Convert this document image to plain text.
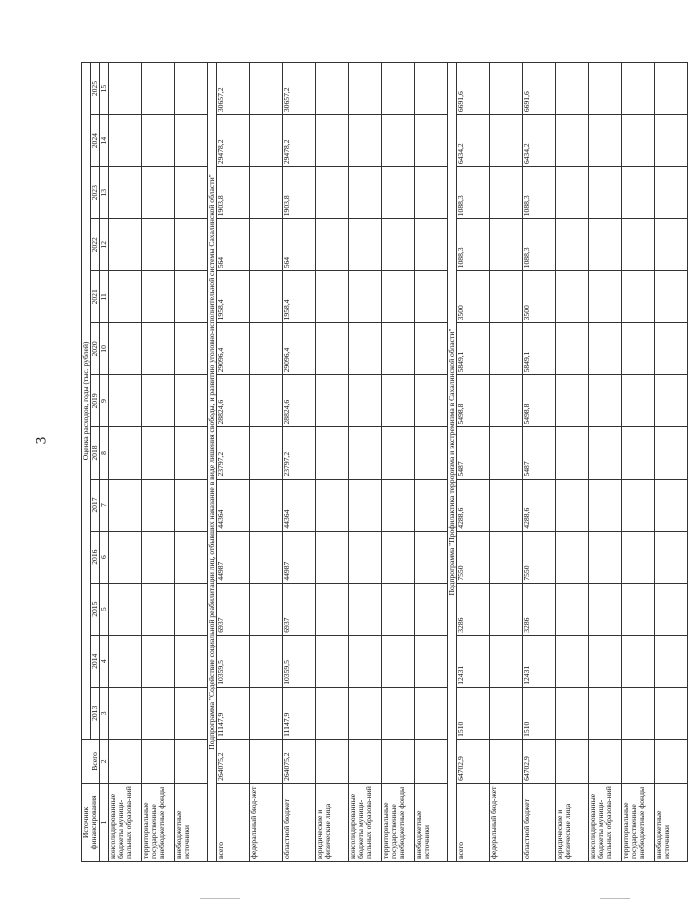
3
Источник финансирования	Всего	Оценка расходов, годы (тыс. рублей)												
		2013	2014	2015	2016	2017	2018	2019	2020	2021	2022	2023	2024	2025
1	2	3	4	5	6	7	8	9	10	11	12	13	14	15
консолидированные бюджеты муници-пальных образова-ний														
территориальные государственные внебюджетные фонды														
внебюджетные источники														
Подпрограмма "Содействие социальной реабилитации лиц, отбывших наказание в виде лишения свободы, и развитию уголовно-исполнительной системы Сахалинской области"														
всего	264075,2	11147,9	10359,5	6937	44987	44364	23797,2	28824,6	29096,4	1958,4	564	1903,8	29478,2	30657,2
федеральный бюд-жет														
областной бюджет	264075,2	11147,9	10359,5	6937	44987	44364	23797,2	28824,6	29096,4	1958,4	564	1903,8	29478,2	30657,2
юридические и физические лица														
консолидированные бюджеты муници-пальных образова-ний														
территориальные государственные внебюджетные фонды														
внебюджетные источники														
Подпрограмма "Профилактика терроризма и экстремизма в Сахалинской области"														
всего	64702,9	1510	12431	3286	7550	4288,6	5487	5498,8	5849,1	3500	1088,3	1088,3	6434,2	6691,6
федеральный бюд-жет														
областной бюджет	64702,9	1510	12431	3286	7550	4288,6	5487	5498,8	5849,1	3500	1088,3	1088,3	6434,2	6691,6
юридические и физические лица														
консолидированные бюджеты муници-пальных образова-ний														
территориальные государственные внебюджетные фонды														
внебюджетные источники														
